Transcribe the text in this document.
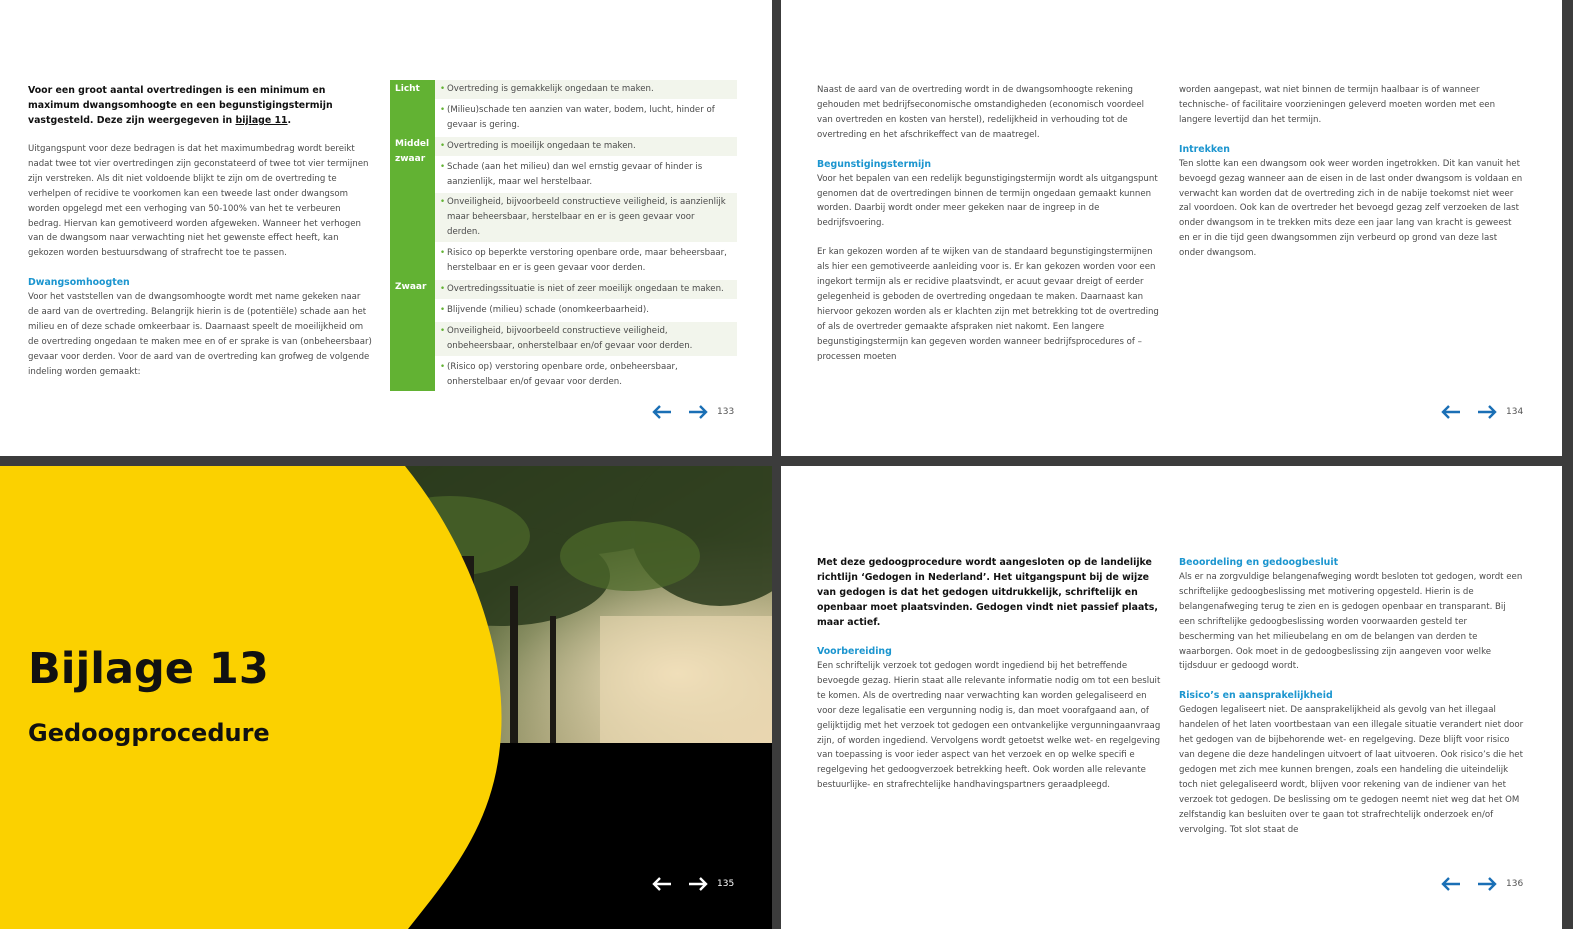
Voor een groot aantal overtredingen is een minimum en maximum dwangsomhoogte en een begunstigingstermijn vastgesteld. Deze zijn weergegeven in bijlage 11.

Uitgangspunt voor deze bedragen is dat het maximumbedrag wordt bereikt nadat twee tot vier overtredingen zijn geconstateerd of twee tot vier termijnen zijn verstreken. Als dit niet voldoende blijkt te zijn om de overtreding te verhelpen of recidive te voorkomen kan een tweede last onder dwangsom worden opgelegd met een verhoging van 50-100% van het te verbeuren bedrag. Hiervan kan gemotiveerd worden afgeweken. Wanneer het verhogen van de dwangsom naar verwachting niet het gewenste effect heeft, kan gekozen worden bestuursdwang of strafrecht toe te passen.

Dwangsomhoogten

Voor het vaststellen van de dwangsomhoogte wordt met name gekeken naar de aard van de overtreding. Belangrijk hierin is de (potentiële) schade aan het milieu en of deze schade omkeerbaar is. Daarnaast speelt de moeilijkheid om de overtreding ongedaan te maken mee en of er sprake is van (onbeheersbaar) gevaar voor derden. Voor de aard van de overtreding kan grofweg de volgende indeling worden gemaakt:

Licht	• Overtreding is gemakkelijk ongedaan te maken.
• (Milieu)schade ten aanzien van water, bodem, lucht, hinder of gevaar is gering.
Middel zwaar
• Overtreding is moeilijk ongedaan te maken.
• Schade (aan het milieu) dan wel ernstig gevaar of hinder is aanzienlijk, maar wel herstelbaar.
• Onveiligheid, bijvoorbeeld constructieve veiligheid, is aanzienlijk maar beheersbaar, herstelbaar en er is geen gevaar voor derden.
• Risico op beperkte verstoring openbare orde, maar beheersbaar, herstelbaar en er is geen gevaar voor derden.
Zwaar	• Overtredingssituatie is niet of zeer moeilijk ongedaan te maken.
• Blijvende (milieu) schade (onomkeerbaarheid).
• Onveiligheid, bijvoorbeeld constructieve veiligheid, onbeheersbaar, onherstelbaar en/of gevaar voor derden.
• (Risico op) verstoring openbare orde, onbeheersbaar, onherstelbaar en/of gevaar voor derden.
133

Naast de aard van de overtreding wordt in de dwangsomhoogte rekening gehouden met bedrijfseconomische omstandigheden (economisch voordeel van overtreden en kosten van herstel), redelijkheid in verhouding tot de overtreding en het afschrikeffect van de maatregel.

Begunstigingstermijn

Voor het bepalen van een redelijk begunstigingstermijn wordt als uitgangspunt genomen dat de overtredingen binnen de termijn ongedaan gemaakt kunnen worden. Daarbij wordt onder meer gekeken naar de ingreep in de bedrijfsvoering.

Er kan gekozen worden af te wijken van de standaard begunstigingstermijnen als hier een gemotiveerde aanleiding voor is. Er kan gekozen worden voor een ingekort termijn als er recidive plaatsvindt, er acuut gevaar dreigt of eerder gelegenheid is geboden de overtreding ongedaan te maken. Daarnaast kan hiervoor gekozen worden als er klachten zijn met betrekking tot de overtreding of als de overtreder gemaakte afspraken niet nakomt. Een langere begunstigingstermijn kan gegeven worden wanneer bedrijfsprocedures of –processen moeten

worden aangepast, wat niet binnen de termijn haalbaar is of wanneer technische- of facilitaire voorzieningen geleverd moeten worden met een langere levertijd dan het termijn.

Intrekken

Ten slotte kan een dwangsom ook weer worden ingetrokken. Dit kan vanuit het bevoegd gezag wanneer aan de eisen in de last onder dwangsom is voldaan en verwacht kan worden dat de overtreding zich in de nabije toekomst niet weer zal voordoen. Ook kan de overtreder het bevoegd gezag zelf verzoeken de last onder dwangsom in te trekken mits deze een jaar lang van kracht is geweest en er in die tijd geen dwangsommen zijn verbeurd op grond van deze last onder dwangsom.

134
Bijlage 13
Gedoogprocedure
135

Met deze gedoogprocedure wordt aangesloten op de landelijke richtlijn ‘Gedogen in Nederland’. Het uitgangspunt bij de wijze van gedogen is dat het gedogen uitdrukkelijk, schriftelijk en openbaar moet plaatsvinden. Gedogen vindt niet passief plaats, maar actief.

Voorbereiding

Een schriftelijk verzoek tot gedogen wordt ingediend bij het betreffende bevoegde gezag. Hierin staat alle relevante informatie nodig om tot een besluit te komen. Als de overtreding naar verwachting kan worden gelegaliseerd en voor deze legalisatie een vergunning nodig is, dan moet voorafgaand aan, of gelijktijdig met het verzoek tot gedogen een ontvankelijke vergunningaanvraag zijn, of worden ingediend. Vervolgens wordt getoetst welke wet- en regelgeving van toepassing is voor ieder aspect van het verzoek en op welke specifi e regelgeving het gedoogverzoek betrekking heeft. Ook worden alle relevante bestuurlijke- en strafrechtelijke handhavingspartners geraadpleegd.

Beoordeling en gedoogbesluit

Als er na zorgvuldige belangenafweging wordt besloten tot gedogen, wordt een schriftelijke gedoogbeslissing met motivering opgesteld. Hierin is de belangenafweging terug te zien en is gedogen openbaar en transparant. Bij een schriftelijke gedoogbeslissing worden voorwaarden gesteld ter bescherming van het milieubelang en om de belangen van derden te waarborgen. Ook moet in de gedoogbeslissing zijn aangeven voor welke tijdsduur er gedoogd wordt.

Risico’s en aansprakelijkheid

Gedogen legaliseert niet. De aansprakelijkheid als gevolg van het illegaal handelen of het laten voortbestaan van een illegale situatie verandert niet door het gedogen van de bijbehorende wet- en regelgeving. Deze blijft voor risico van degene die deze handelingen uitvoert of laat uitvoeren. Ook risico’s die het gedogen met zich mee kunnen brengen, zoals een handeling die uiteindelijk toch niet gelegaliseerd wordt, blijven voor rekening van de indiener van het verzoek tot gedogen. De beslissing om te gedogen neemt niet weg dat het OM zelfstandig kan besluiten over te gaan tot strafrechtelijk onderzoek en/of vervolging. Tot slot staat de

136
